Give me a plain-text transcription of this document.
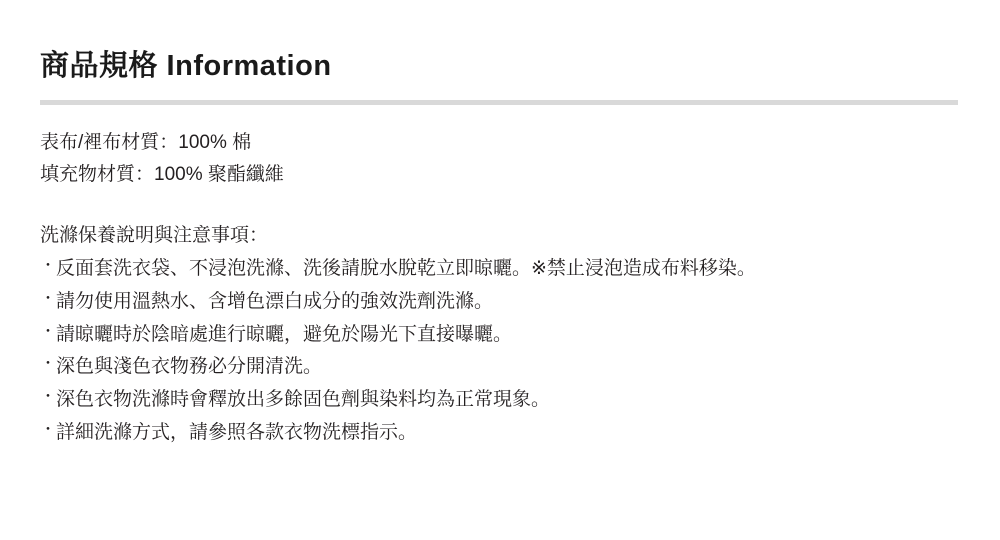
商品規格 Information
表布/裡布材質：100% 棉
填充物材質：100% 聚酯纖維

洗滌保養說明與注意事項：

・ 反面套洗衣袋、不浸泡洗滌、洗後請脫水脫乾立即晾曬。※禁止浸泡造成布料移染。
・ 請勿使用溫熱水、含增色漂白成分的強效洗劑洗滌。
・ 請晾曬時於陰暗處進行晾曬，避免於陽光下直接曝曬。
・ 深色與淺色衣物務必分開清洗。
・ 深色衣物洗滌時會釋放出多餘固色劑與染料均為正常現象。
・ 詳細洗滌方式，請參照各款衣物洗標指示。
